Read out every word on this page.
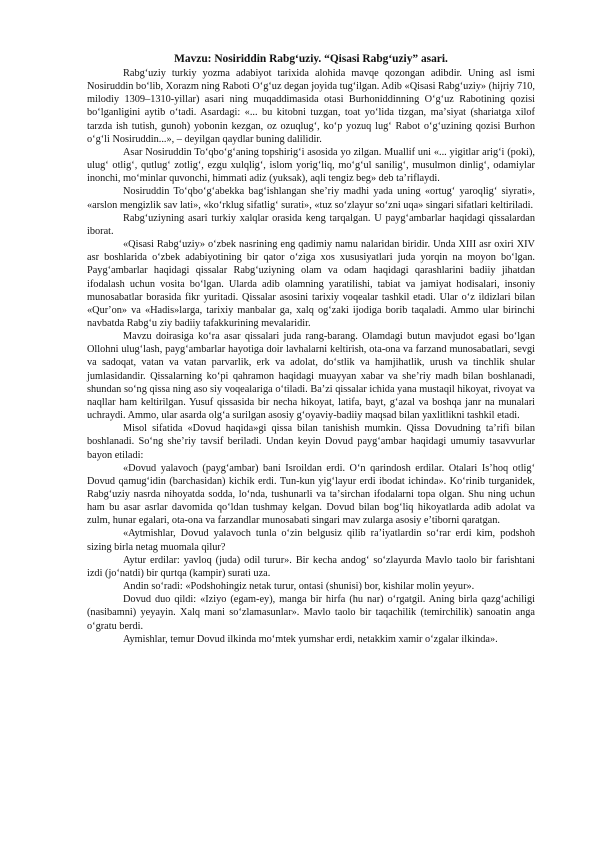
Mavzu: Nosiriddin Rabgʻuziy. “Qisasi Rabgʻuziy” asari.

Rabgʻuziy turkiy yozma adabiyot tarixida alohida mavqe qozongan adibdir. Uning asl ismi Nosiruddin boʻlib, Xorazm ning Raboti Oʻgʻuz degan joyida tugʻilgan. Adib «Qisasi Rabgʻuziy» (hijriy 710, milodiy 1309–1310-yillar) asari ning muqaddimasida otasi Burhoniddinning Oʻgʻuz Rabotining qozisi boʻlganligini aytib oʻtadi. Asardagi: «... bu kitobni tuzgan, toat yoʻlida tizgan, maʼsiyat (shariatga xilof tarzda ish tutish, gunoh) yobonin kezgan, oz ozuqlugʻ, koʻp yozuq lugʻ Rabot oʻgʻuzining qozisi Burhon oʻgʻli Nosiruddin...», – deyilgan qaydlar buning dalilidir.

Asar Nosiruddin Toʻqboʻgʻaning topshirigʻi asosida yo zilgan. Muallif uni «... yigitlar arigʻi (poki), ulugʻ otligʻ, qutlugʻ zotligʻ, ezgu xulqligʻ, islom yorigʻliq, moʻgʻul saniligʻ, musulmon dinligʻ, odamiylar inonchi, moʻminlar quvonchi, himmati adiz (yuksak), aqli tengiz beg» deb taʼriflaydi.

Nosiruddin Toʻqboʻgʻabekka bagʻishlangan sheʼriy madhi yada uning «ortugʻ yaroqligʻ siyrati», «arslon mengizlik sav lati», «koʻrklug sifatligʻ surati», «tuz soʻzlayur soʻzni uqa» singari sifatlari keltiriladi.

Rabgʻuziyning asari turkiy xalqlar orasida keng tarqalgan. U paygʻambarlar haqidagi qissalardan iborat.

«Qisasi Rabgʻuziy» oʻzbek nasrining eng qadimiy namu nalaridan biridir. Unda XIII asr oxiri XIV asr boshlarida oʻzbek adabiyotining bir qator oʻziga xos xususiyatlari juda yorqin na moyon boʻlgan. Paygʻambarlar haqidagi qissalar Rabgʻuziyning olam va odam haqidagi qarashlarini badiiy jihatdan ifodalash uchun vosita boʻlgan. Ularda adib olamning yaratilishi, tabiat va jamiyat hodisalari, insoniy munosabatlar borasida fikr yuritadi. Qissalar asosini tarixiy voqealar tashkil etadi. Ular oʻz ildizlari bilan «Qurʼon» va «Hadis»larga, tarixiy manbalar ga, xalq ogʻzaki ijodiga borib taqaladi. Ammo ular birinchi navbatda Rabgʻu ziy badiiy tafakkurining mevalaridir.

Mavzu doirasiga koʻra asar qissalari juda rang-barang. Olamdagi butun mavjudot egasi boʻlgan Ollohni ulugʻlash, paygʻambarlar hayotiga doir lavhalarni keltirish, ota-ona va farzand munosabatlari, sevgi va sadoqat, vatan va vatan parvarlik, erk va adolat, doʻstlik va hamjihatlik, urush va tinchlik shular jumlasidandir. Qissalarning koʻpi qahramon haqidagi muayyan xabar va sheʼriy madh bilan boshlanadi, shundan soʻng qissa ning aso siy voqealariga oʻtiladi. Baʼzi qissalar ichida yana mustaqil hikoyat, rivoyat va naqllar ham keltirilgan. Yusuf qissasida bir necha hikoyat, latifa, bayt, gʻazal va boshqa janr na munalari uchraydi. Ammo, ular asarda olgʻa surilgan asosiy gʻoyaviy-badiiy maqsad bilan yaxlitlikni tashkil etadi.

Misol sifatida «Dovud haqida»gi qissa bilan tanishish mumkin. Qissa Dovudning taʼrifi bilan boshlanadi. Soʻng sheʼriy tavsif beriladi. Undan keyin Dovud paygʻambar haqidagi umumiy tasavvurlar bayon etiladi:

«Dovud yalavoch (paygʻambar) bani Isroildan erdi. Oʻn qarindosh erdilar. Otalari Isʼhoq otligʻ Dovud qamugʻidin (barchasidan) kichik erdi. Tun-kun yigʻlayur erdi ibodat ichinda». Koʻrinib turganidek, Rabgʻuziy nasrda nihoyatda sodda, loʻnda, tushunarli va taʼsirchan ifodalarni topa olgan. Shu ning uchun ham bu asar asrlar davomida qoʻldan tushmay kelgan. Dovud bilan bogʻliq hikoyatlarda adib adolat va zulm, hunar egalari, ota-ona va farzandlar munosabati singari mav zularga asosiy eʼtiborni qaratgan.

«Aytmishlar, Dovud yalavoch tunla oʻzin belgusiz qilib raʼiyatlardin soʻrar erdi kim, podshoh sizing birla netag muomala qilur?

Aytur erdilar: yavloq (juda) odil turur». Bir kecha andogʻ soʻzlayurda Mavlo taolo bir farishtani izdi (joʻnatdi) bir qurtqa (kampir) surati uza.

Andin soʻradi: «Podshohingiz netak turur, ontasi (shunisi) bor, kishilar molin yeyur».

Dovud duo qildi: «Iziyo (egam-ey), manga bir hirfa (hu nar) oʻrgatgil. Aning birla qazgʻachiligi (nasibamni) yeyayin. Xalq mani soʻzlamasunlar». Mavlo taolo bir taqachilik (temirchilik) sanoatin anga oʻgratu berdi.

Aymishlar, temur Dovud ilkinda moʻmtek yumshar erdi, netakkim xamir oʻzgalar ilkinda».
